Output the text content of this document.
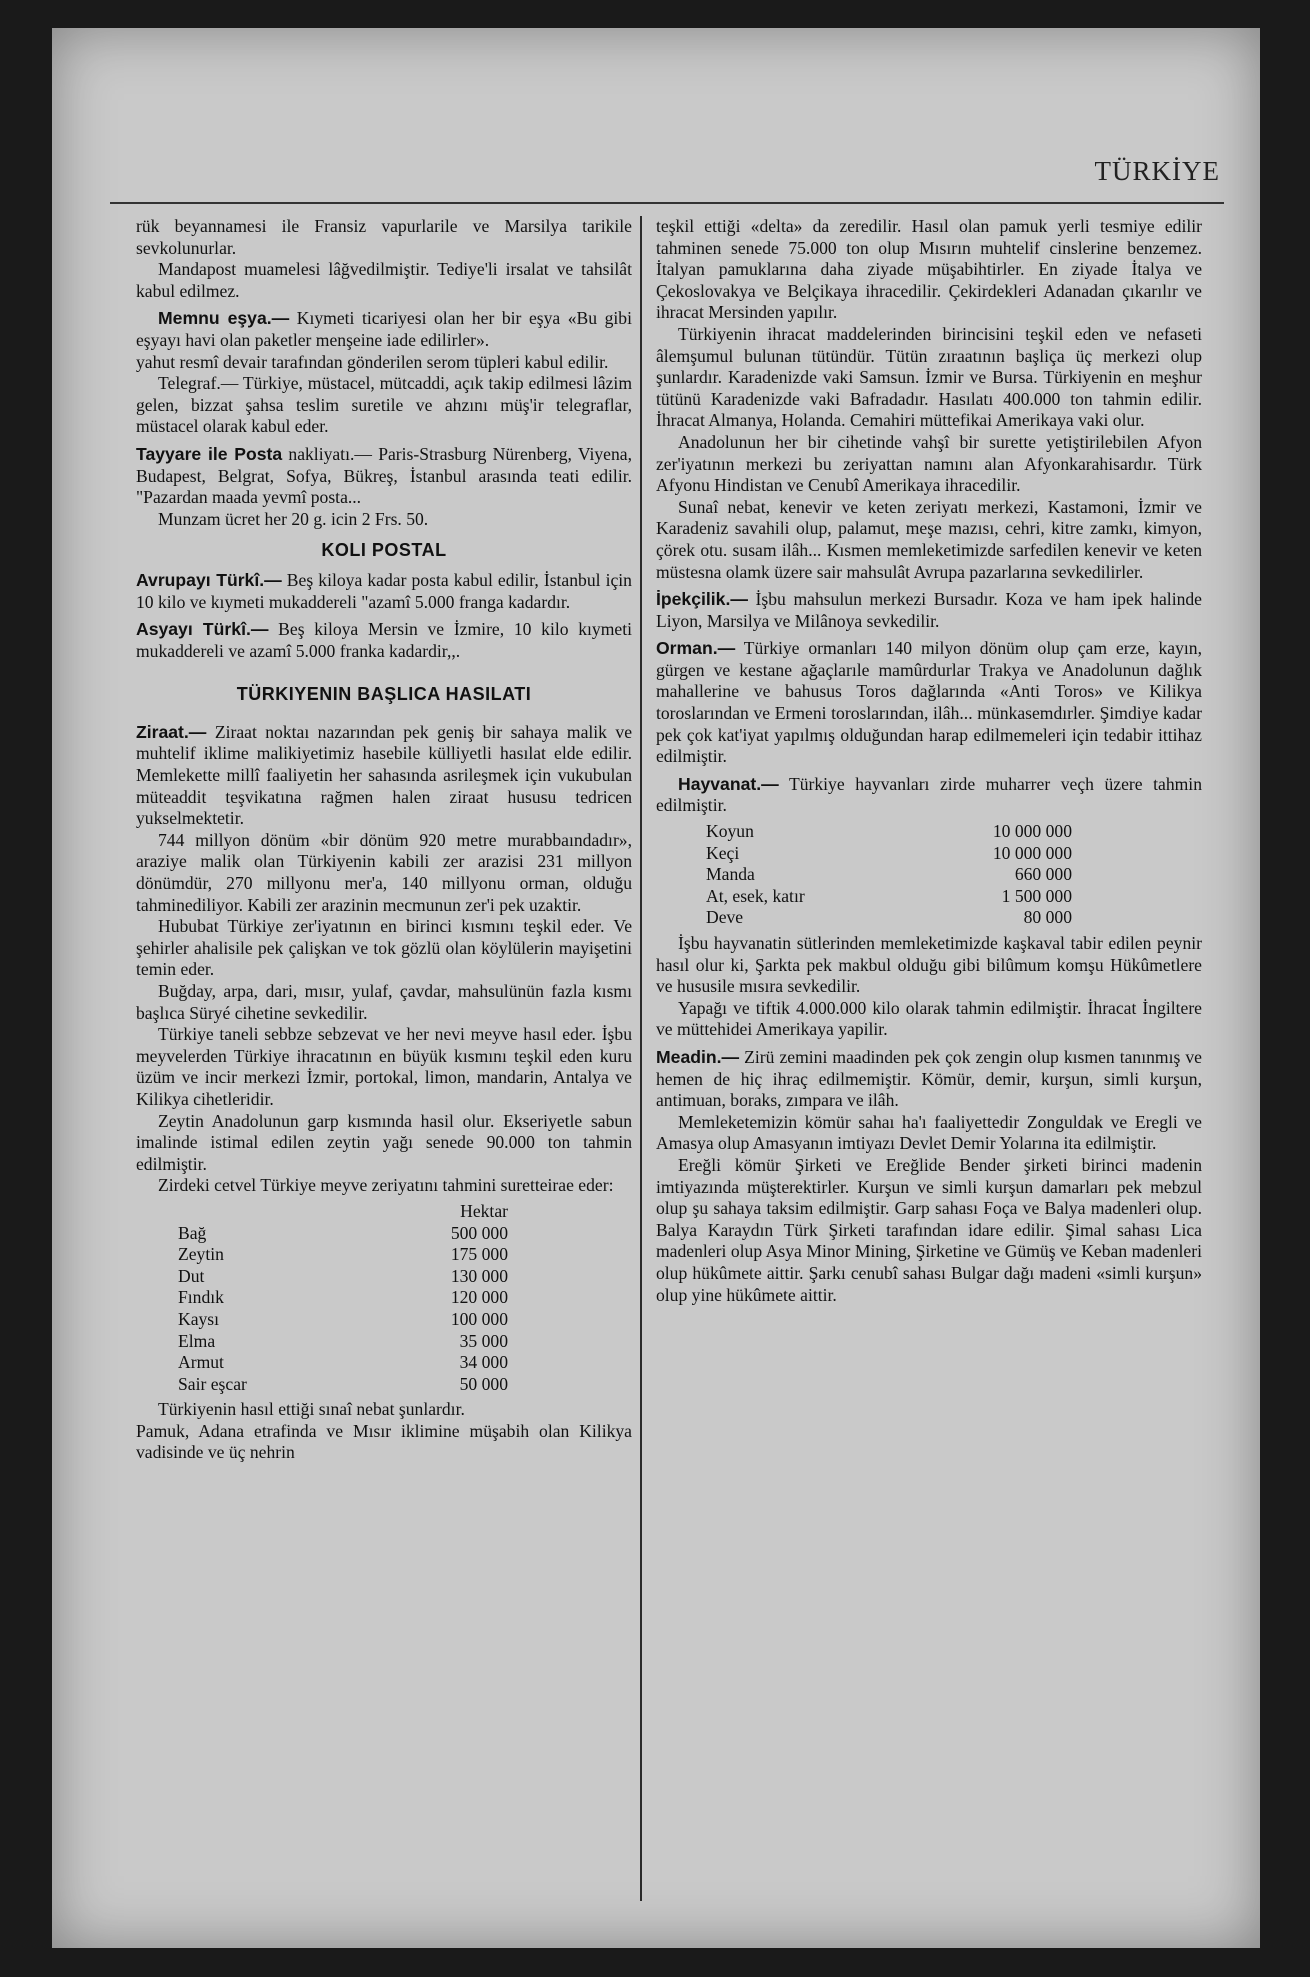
TÜRKİYE

rük beyannamesi ile Fransiz vapurlarile ve Marsilya tarikile sevkolunurlar.

Mandapost muamelesi lâğvedilmiştir. Tediye'li irsalat ve tahsilât kabul edilmez.

Memnu eşya.— Kıymeti ticariyesi olan her bir eşya «Bu gibi eşyayı havi olan paketler menşeine iade edilirler».

yahut resmî devair tarafından gönderilen serom tüpleri kabul edilir.

Telegraf.— Türkiye, müstacel, mütcaddi, açık takip edilmesi lâzim gelen, bizzat şahsa teslim suretile ve ahzını müş'ir telegraflar, müstacel olarak kabul eder.

Tayyare ile Posta nakliyatı.— Paris-Strasburg Nürenberg, Viyena, Budapest, Belgrat, Sofya, Bükreş, İstanbul arasında teati edilir. "Pazardan maada yevmî posta...

Munzam ücret her 20 g. icin 2 Frs. 50.

KOLI POSTAL

Avrupayı Türkî.— Beş kiloya kadar posta kabul edilir, İstanbul için 10 kilo ve kıymeti mukaddereli "azamî 5.000 franga kadardır.

Asyayı Türkî.— Beş kiloya Mersin ve İzmire, 10 kilo kıymeti mukaddereli ve azamî 5.000 franka kadardir,,.

TÜRKIYENIN BAŞLICA HASILATI

Ziraat.— Ziraat noktaı nazarından pek geniş bir sahaya malik ve muhtelif iklime malikiyetimiz hasebile külliyetli hasılat elde edilir. Memlekette millî faaliyetin her sahasında asrileşmek için vukubulan müteaddit teşvikatına rağmen halen ziraat hususu tedricen yukselmektetir.

744 millyon dönüm «bir dönüm 920 metre murabbaındadır», araziye malik olan Türkiyenin kabili zer arazisi 231 millyon dönümdür, 270 millyonu mer'a, 140 millyonu orman, olduğu tahminediliyor. Kabili zer arazinin mecmunun zer'i pek uzaktir.

Hububat Türkiye zer'iyatının en birinci kısmını teşkil eder. Ve şehirler ahalisile pek çalişkan ve tok gözlü olan köylülerin mayişetini temin eder.

Buğday, arpa, dari, mısır, yulaf, çavdar, mahsulünün fazla kısmı başlıca Süryé cihetine sevkedilir.

Türkiye taneli sebbze sebzevat ve her nevi meyve hasıl eder. İşbu meyvelerden Türkiye ihracatının en büyük kısmını teşkil eden kuru üzüm ve incir merkezi İzmir, portokal, limon, mandarin, Antalya ve Kilikya cihetleridir.

Zeytin Anadolunun garp kısmında hasil olur. Ekseriyetle sabun imalinde istimal edilen zeytin yağı senede 90.000 ton tahmin edilmiştir.

Zirdeki cetvel Türkiye meyve zeriyatını tahmini suretteirae eder:

	Hektar
Bağ	500 000
Zeytin	175 000
Dut	130 000
Fındık	120 000
Kaysı	100 000
Elma	35 000
Armut	34 000
Sair eşcar	50 000

Türkiyenin hasıl ettiği sınaî nebat şunlardır.

Pamuk, Adana etrafinda ve Mısır iklimine müşabih olan Kilikya vadisinde ve üç nehrin

teşkil ettiği «delta» da zeredilir. Hasıl olan pamuk yerli tesmiye edilir tahminen senede 75.000 ton olup Mısırın muhtelif cinslerine benzemez. İtalyan pamuklarına daha ziyade müşabihtirler. En ziyade İtalya ve Çekoslovakya ve Belçikaya ihracedilir. Çekirdekleri Adanadan çıkarılır ve ihracat Mersinden yapılır.

Türkiyenin ihracat maddelerinden birincisini teşkil eden ve nefaseti âlemşumul bulunan tütündür. Tütün zıraatının başliça üç merkezi olup şunlardır. Karadenizde vaki Samsun. İzmir ve Bursa. Türkiyenin en meşhur tütünü Karadenizde vaki Bafradadır. Hasılatı 400.000 ton tahmin edilir. İhracat Almanya, Holanda. Cemahiri müttefikai Amerikaya vaki olur.

Anadolunun her bir cihetinde vahşî bir surette yetiştirilebilen Afyon zer'iyatının merkezi bu zeriyattan namını alan Afyonkarahisardır. Türk Afyonu Hindistan ve Cenubî Amerikaya ihracedilir.

Sunaî nebat, kenevir ve keten zeriyatı merkezi, Kastamoni, İzmir ve Karadeniz savahili olup, palamut, meşe mazısı, cehri, kitre zamkı, kimyon, çörek otu. susam ilâh... Kısmen memleketimizde sarfedilen kenevir ve keten müstesna olamk üzere sair mahsulât Avrupa pazarlarına sevkedilirler.

İpekçilik.— İşbu mahsulun merkezi Bursadır. Koza ve ham ipek halinde Liyon, Marsilya ve Milânoya sevkedilir.

Orman.— Türkiye ormanları 140 milyon dönüm olup çam erze, kayın, gürgen ve kestane ağaçlarıle mamûrdurlar Trakya ve Anadolunun dağlık mahallerine ve bahusus Toros dağlarında «Anti Toros» ve Kilikya toroslarından ve Ermeni toroslarından, ilâh... münkasemdırler. Şimdiye kadar pek çok kat'iyat yapılmış olduğundan harap edilmemeleri için tedabir ittihaz edilmiştir.

Hayvanat.— Türkiye hayvanları zirde muharrer veçh üzere tahmin edilmiştir.

Koyun	10 000 000
Keçi	10 000 000
Manda	660 000
At, esek, katır	1 500 000
Deve	80 000

İşbu hayvanatin sütlerinden memleketimizde kaşkaval tabir edilen peynir hasıl olur ki, Şarkta pek makbul olduğu gibi bilûmum komşu Hükûmetlere ve hususile mısıra sevkedilir.

Yapağı ve tiftik 4.000.000 kilo olarak tahmin edilmiştir. İhracat İngiltere ve müttehidei Amerikaya yapilir.

Meadin.— Zirü zemini maadinden pek çok zengin olup kısmen tanınmış ve hemen de hiç ihraç edilmemiştir. Kömür, demir, kurşun, simli kurşun, antimuan, boraks, zımpara ve ilâh.

Memleketemizin kömür sahaı ha'ı faaliyettedir Zonguldak ve Eregli ve Amasya olup Amasyanın imtiyazı Devlet Demir Yolarına ita edilmiştir.

Ereğli kömür Şirketi ve Ereğlide Bender şirketi birinci madenin imtiyazında müşterektirler. Kurşun ve simli kurşun damarları pek mebzul olup şu sahaya taksim edilmiştir. Garp sahası Foça ve Balya madenleri olup. Balya Karaydın Türk Şirketi tarafından idare edilir. Şimal sahası Lica madenleri olup Asya Minor Mining, Şirketine ve Gümüş ve Keban madenleri olup hükûmete aittir. Şarkı cenubî sahası Bulgar dağı madeni «simli kurşun» olup yine hükûmete aittir.
